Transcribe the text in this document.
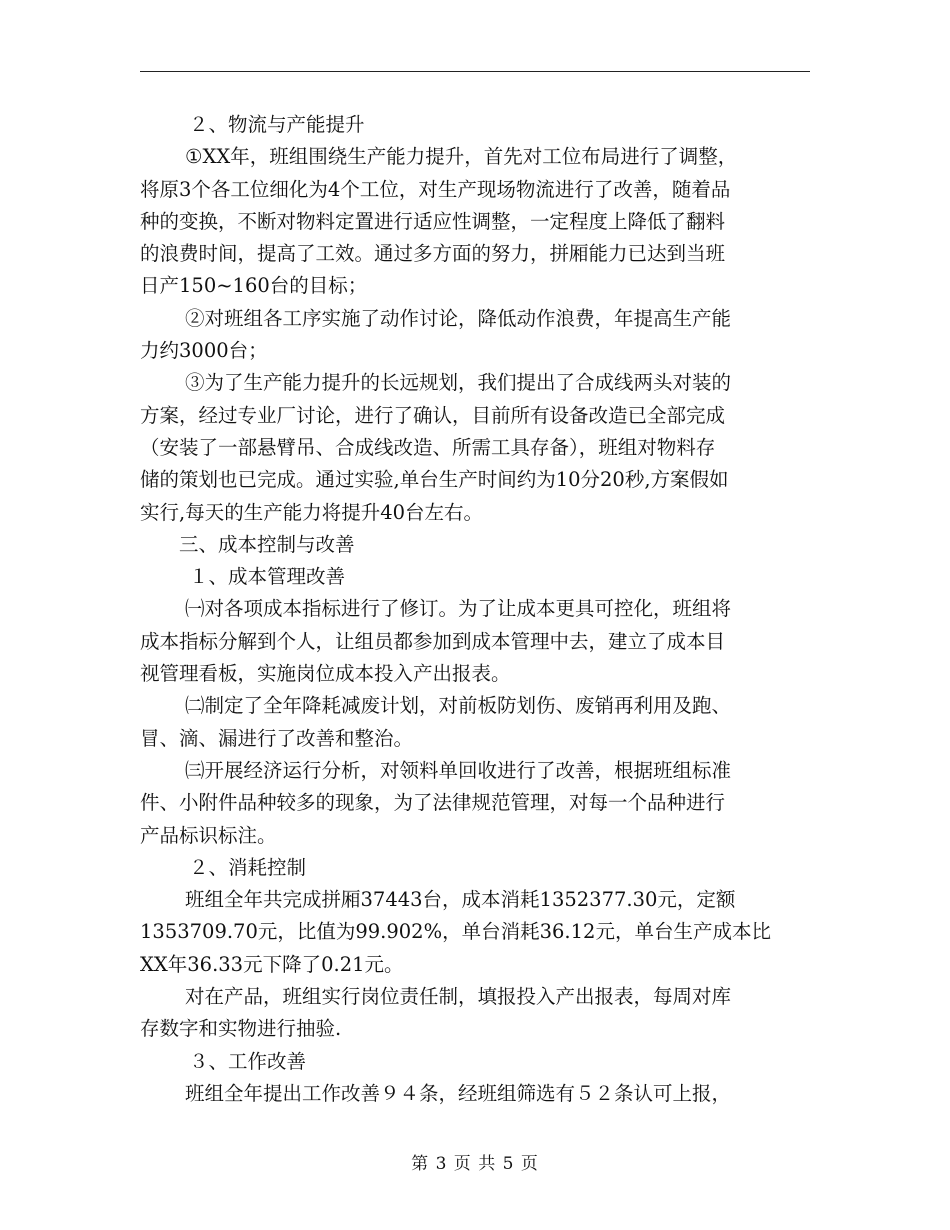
２、物流与产能提升
①XX年，班组围绕生产能力提升，首先对工位布局进行了调整，
将原3个各工位细化为4个工位，对生产现场物流进行了改善，随着品
种的变换，不断对物料定置进行适应性调整，一定程度上降低了翻料
的浪费时间，提高了工效。通过多方面的努力，拼厢能力已达到当班
日产150~160台的目标；
②对班组各工序实施了动作讨论，降低动作浪费，年提高生产能
力约3000台；
③为了生产能力提升的长远规划，我们提出了合成线两头对装的
方案，经过专业厂讨论，进行了确认，目前所有设备改造已全部完成
（安装了一部悬臂吊、合成线改造、所需工具存备），班组对物料存
储的策划也已完成。通过实验,单台生产时间约为10分20秒,方案假如
实行,每天的生产能力将提升40台左右。
三、成本控制与改善
１、成本管理改善
㈠对各项成本指标进行了修订。为了让成本更具可控化，班组将
成本指标分解到个人，让组员都参加到成本管理中去，建立了成本目
视管理看板，实施岗位成本投入产出报表。
㈡制定了全年降耗减废计划，对前板防划伤、废销再利用及跑、
冒、滴、漏进行了改善和整治。
㈢开展经济运行分析，对领料单回收进行了改善，根据班组标准
件、小附件品种较多的现象，为了法律规范管理，对每一个品种进行
产品标识标注。
２、消耗控制
班组全年共完成拼厢37443台，成本消耗1352377.30元，定额
1353709.70元，比值为99.902%，单台消耗36.12元，单台生产成本比
XX年36.33元下降了0.21元。
对在产品，班组实行岗位责任制，填报投入产出报表，每周对库
存数字和实物进行抽验.
３、工作改善
班组全年提出工作改善９４条，经班组筛选有５２条认可上报，
第 3 页 共 5 页
